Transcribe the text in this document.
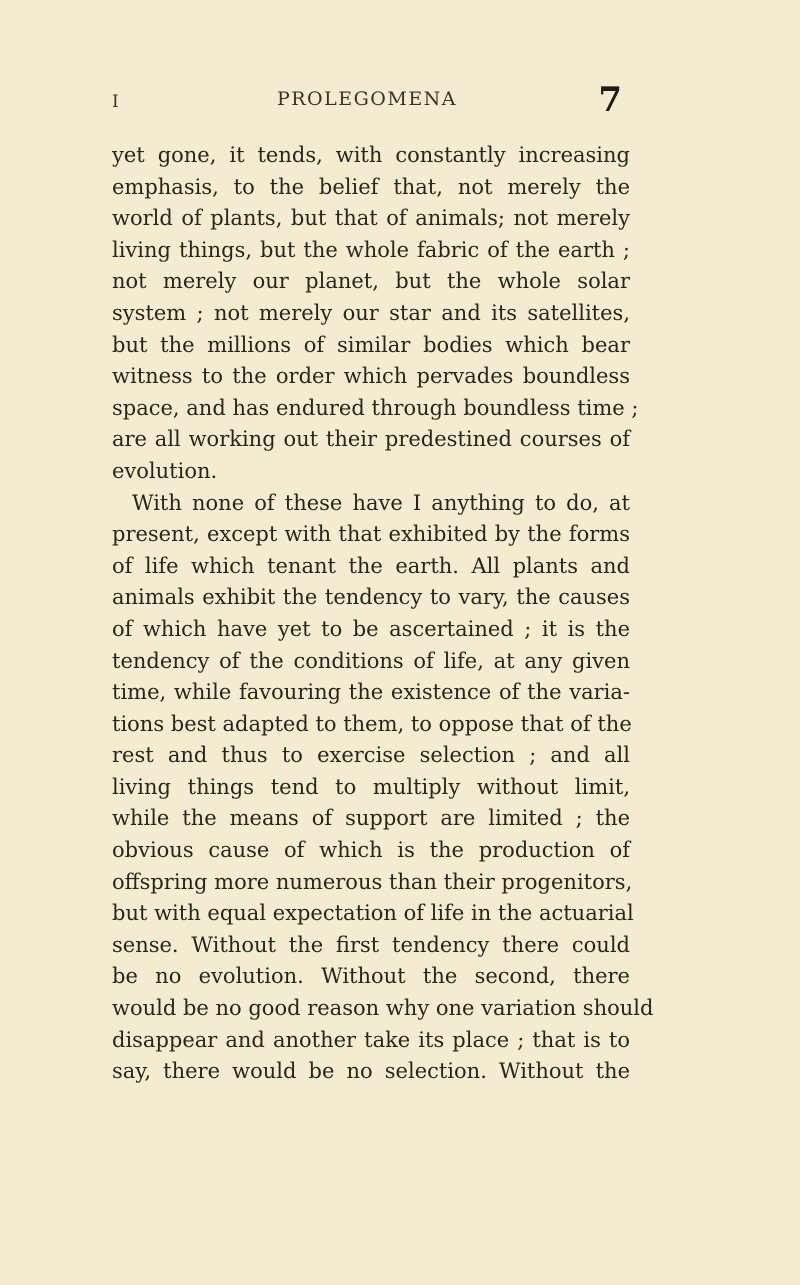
I	PROLEGOMENA	7
yet gone, it tends, with constantly increasing
emphasis, to the belief that, not merely the
world of plants, but that of animals; not merely
living things, but the whole fabric of the earth ;
not merely our planet, but the whole solar
system ; not merely our star and its satellites,
but the millions of similar bodies which bear
witness to the order which pervades boundless
space, and has endured through boundless time ;
are all working out their predestined courses of
evolution.
With none of these have I anything to do, at
present, except with that exhibited by the forms
of life which tenant the earth. All plants and
animals exhibit the tendency to vary, the causes
of which have yet to be ascertained ; it is the
tendency of the conditions of life, at any given
time, while favouring the existence of the varia-
tions best adapted to them, to oppose that of the
rest and thus to exercise selection ; and all
living things tend to multiply without limit,
while the means of support are limited ; the
obvious cause of which is the production of
offspring more numerous than their progenitors,
but with equal expectation of life in the actuarial
sense. Without the first tendency there could
be no evolution. Without the second, there
would be no good reason why one variation should
disappear and another take its place ; that is to
say, there would be no selection. Without the
